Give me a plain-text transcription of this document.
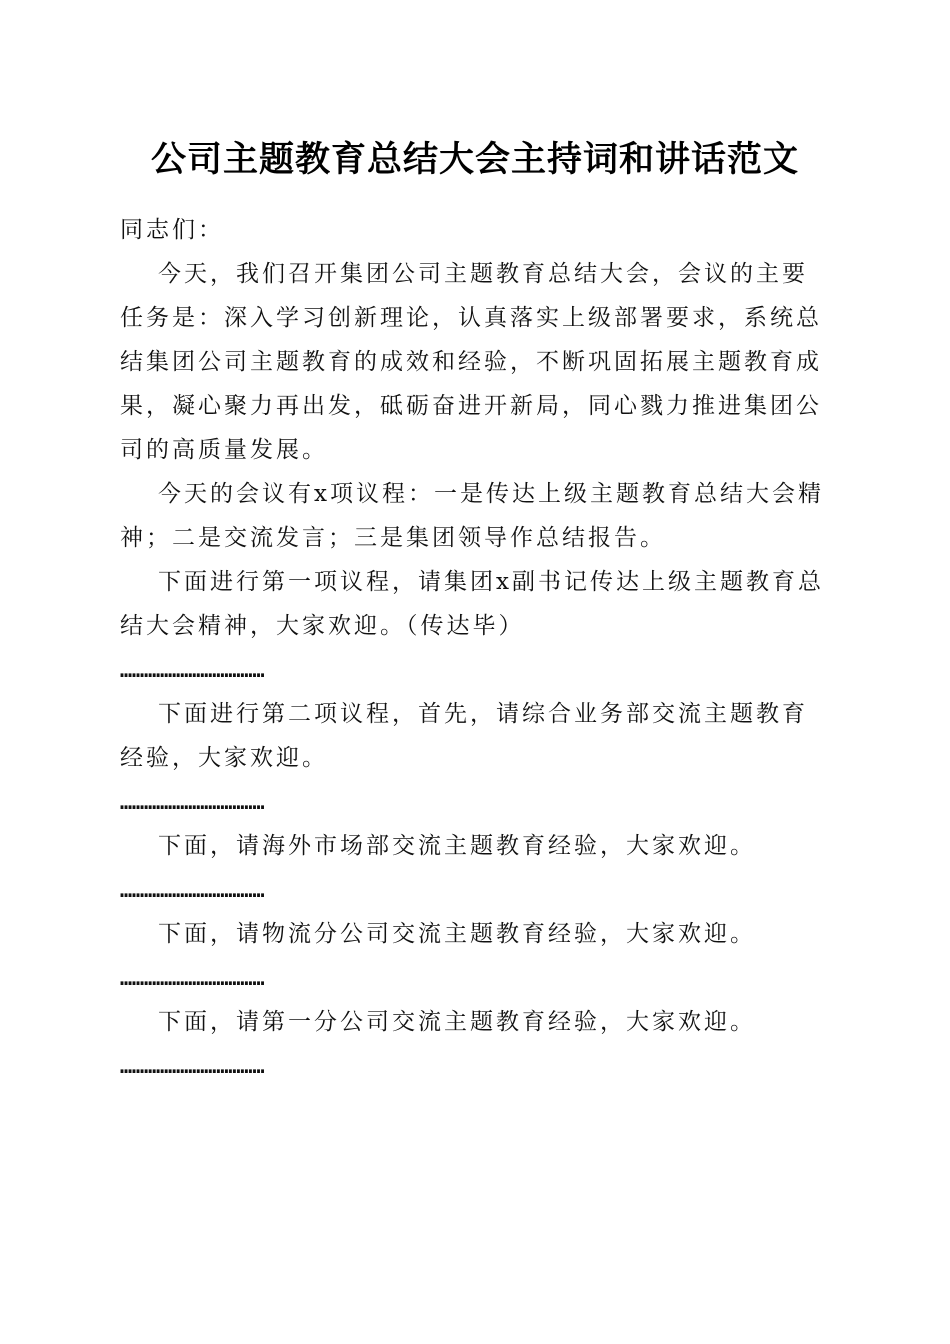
公司主题教育总结大会主持词和讲话范文

同志们：

今天，我们召开集团公司主题教育总结大会，会议的主要任务是：深入学习创新理论，认真落实上级部署要求，系统总结集团公司主题教育的成效和经验，不断巩固拓展主题教育成果，凝心聚力再出发，砥砺奋进开新局，同心戮力推进集团公司的高质量发展。

今天的会议有x项议程：一是传达上级主题教育总结大会精神；二是交流发言；三是集团领导作总结报告。

下面进行第一项议程，请集团x副书记传达上级主题教育总结大会精神，大家欢迎。（传达毕）

………………………………

下面进行第二项议程，首先，请综合业务部交流主题教育经验，大家欢迎。

………………………………

下面，请海外市场部交流主题教育经验，大家欢迎。

………………………………

下面，请物流分公司交流主题教育经验，大家欢迎。

………………………………

下面，请第一分公司交流主题教育经验，大家欢迎。

………………………………
